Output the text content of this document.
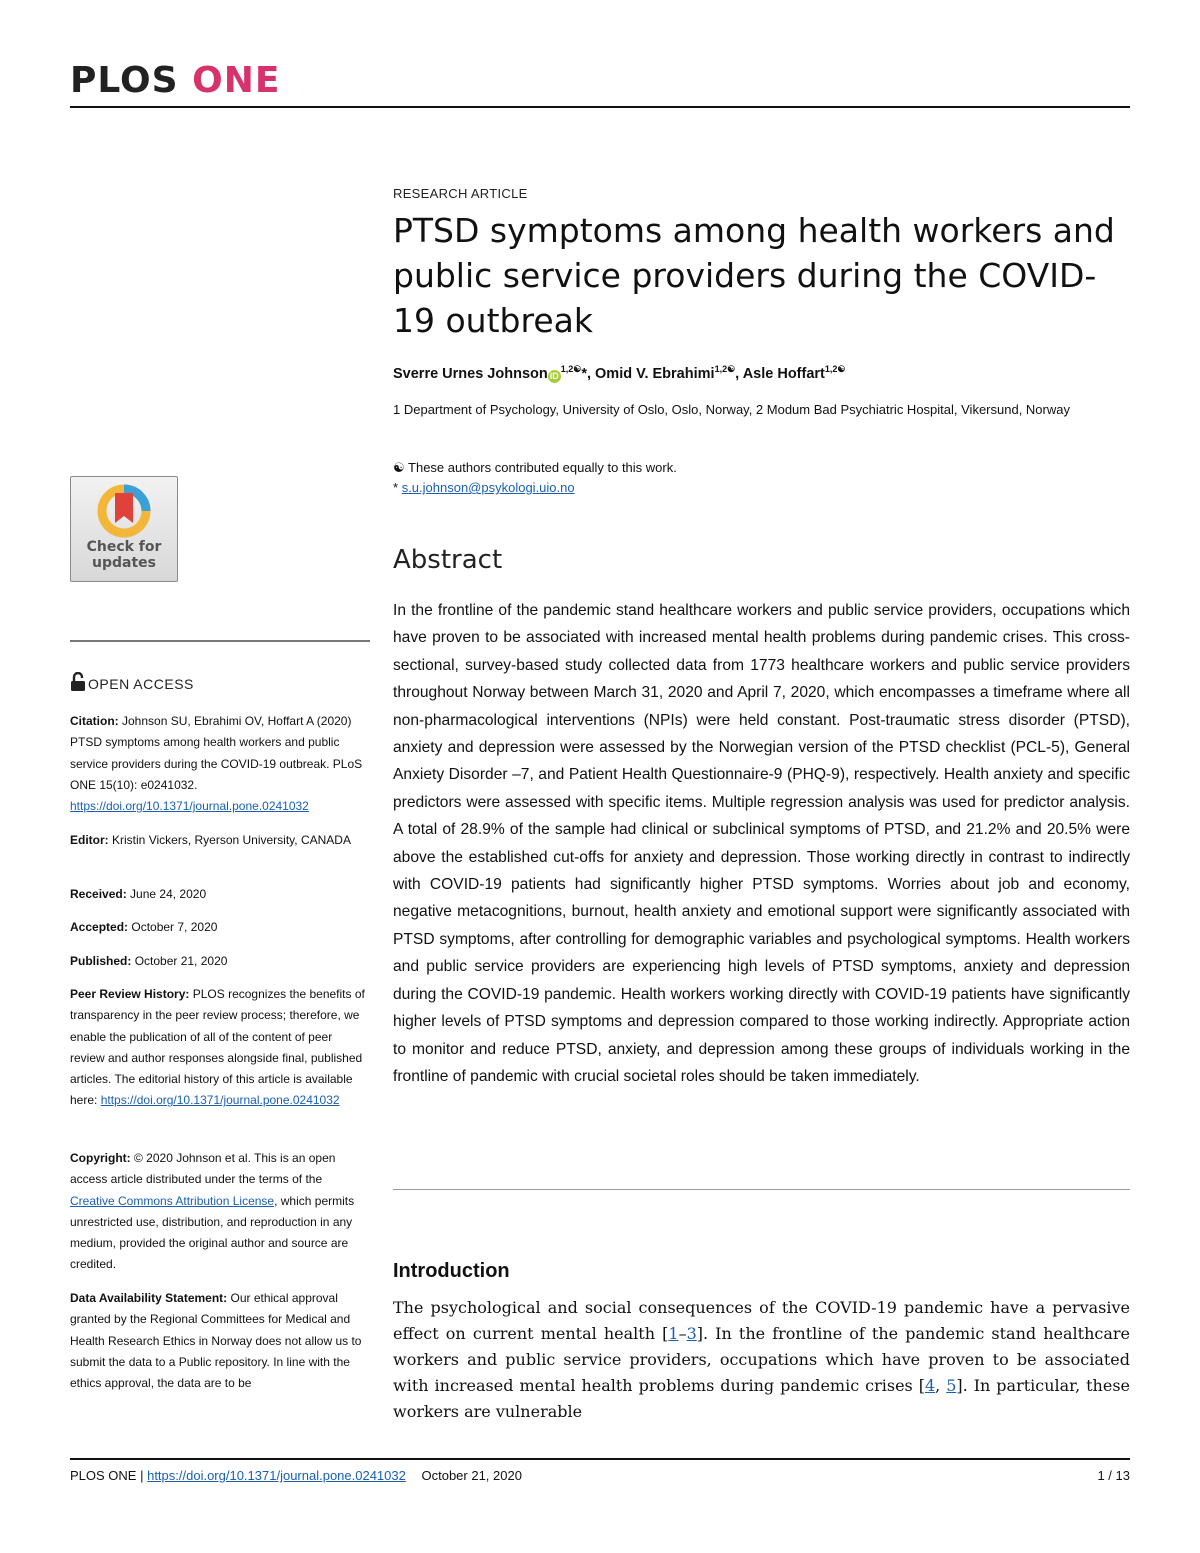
PLOS ONE
Check for
updates
OPEN ACCESS
Citation: Johnson SU, Ebrahimi OV, Hoffart A (2020) PTSD symptoms among health workers and public service providers during the COVID-19 outbreak. PLoS ONE 15(10): e0241032. https://doi.org/10.1371/journal.pone.0241032
Editor: Kristin Vickers, Ryerson University, CANADA
Received: June 24, 2020
Accepted: October 7, 2020
Published: October 21, 2020
Peer Review History: PLOS recognizes the benefits of transparency in the peer review process; therefore, we enable the publication of all of the content of peer review and author responses alongside final, published articles. The editorial history of this article is available here: https://doi.org/10.1371/journal.pone.0241032
Copyright: © 2020 Johnson et al. This is an open access article distributed under the terms of the Creative Commons Attribution License, which permits unrestricted use, distribution, and reproduction in any medium, provided the original author and source are credited.
Data Availability Statement: Our ethical approval granted by the Regional Committees for Medical and Health Research Ethics in Norway does not allow us to submit the data to a Public repository. In line with the ethics approval, the data are to be
RESEARCH ARTICLE
PTSD symptoms among health workers and public service providers during the COVID-19 outbreak
Sverre Urnes Johnson $iD^{1,2☯}*$, Omid V. Ebrahimi$^{1,2☯}$, Asle Hoffart$^{1,2☯}$
1 Department of Psychology, University of Oslo, Oslo, Norway, 2 Modum Bad Psychiatric Hospital, Vikersund, Norway
☯ These authors contributed equally to this work.
* s.u.johnson@psykologi.uio.no
Abstract
In the frontline of the pandemic stand healthcare workers and public service providers, occupations which have proven to be associated with increased mental health problems during pandemic crises. This cross-sectional, survey-based study collected data from 1773 healthcare workers and public service providers throughout Norway between March 31, 2020 and April 7, 2020, which encompasses a timeframe where all non-pharmacological interventions (NPIs) were held constant. Post-traumatic stress disorder (PTSD), anxiety and depression were assessed by the Norwegian version of the PTSD checklist (PCL-5), General Anxiety Disorder –7, and Patient Health Questionnaire-9 (PHQ-9), respectively. Health anxiety and specific predictors were assessed with specific items. Multiple regression analysis was used for predictor analysis. A total of 28.9% of the sample had clinical or subclinical symptoms of PTSD, and 21.2% and 20.5% were above the established cut-offs for anxiety and depression. Those working directly in contrast to indirectly with COVID-19 patients had significantly higher PTSD symptoms. Worries about job and economy, negative metacognitions, burnout, health anxiety and emotional support were significantly associated with PTSD symptoms, after controlling for demographic variables and psychological symptoms. Health workers and public service providers are experiencing high levels of PTSD symptoms, anxiety and depression during the COVID-19 pandemic. Health workers working directly with COVID-19 patients have significantly higher levels of PTSD symptoms and depression compared to those working indirectly. Appropriate action to monitor and reduce PTSD, anxiety, and depression among these groups of individuals working in the frontline of pandemic with crucial societal roles should be taken immediately.
Introduction
The psychological and social consequences of the COVID-19 pandemic have a pervasive effect on current mental health [1–3]. In the frontline of the pandemic stand healthcare workers and public service providers, occupations which have proven to be associated with increased mental health problems during pandemic crises [4, 5]. In particular, these workers are vulnerable
PLOS ONE | https://doi.org/10.1371/journal.pone.0241032 October 21, 2020	1 / 13
